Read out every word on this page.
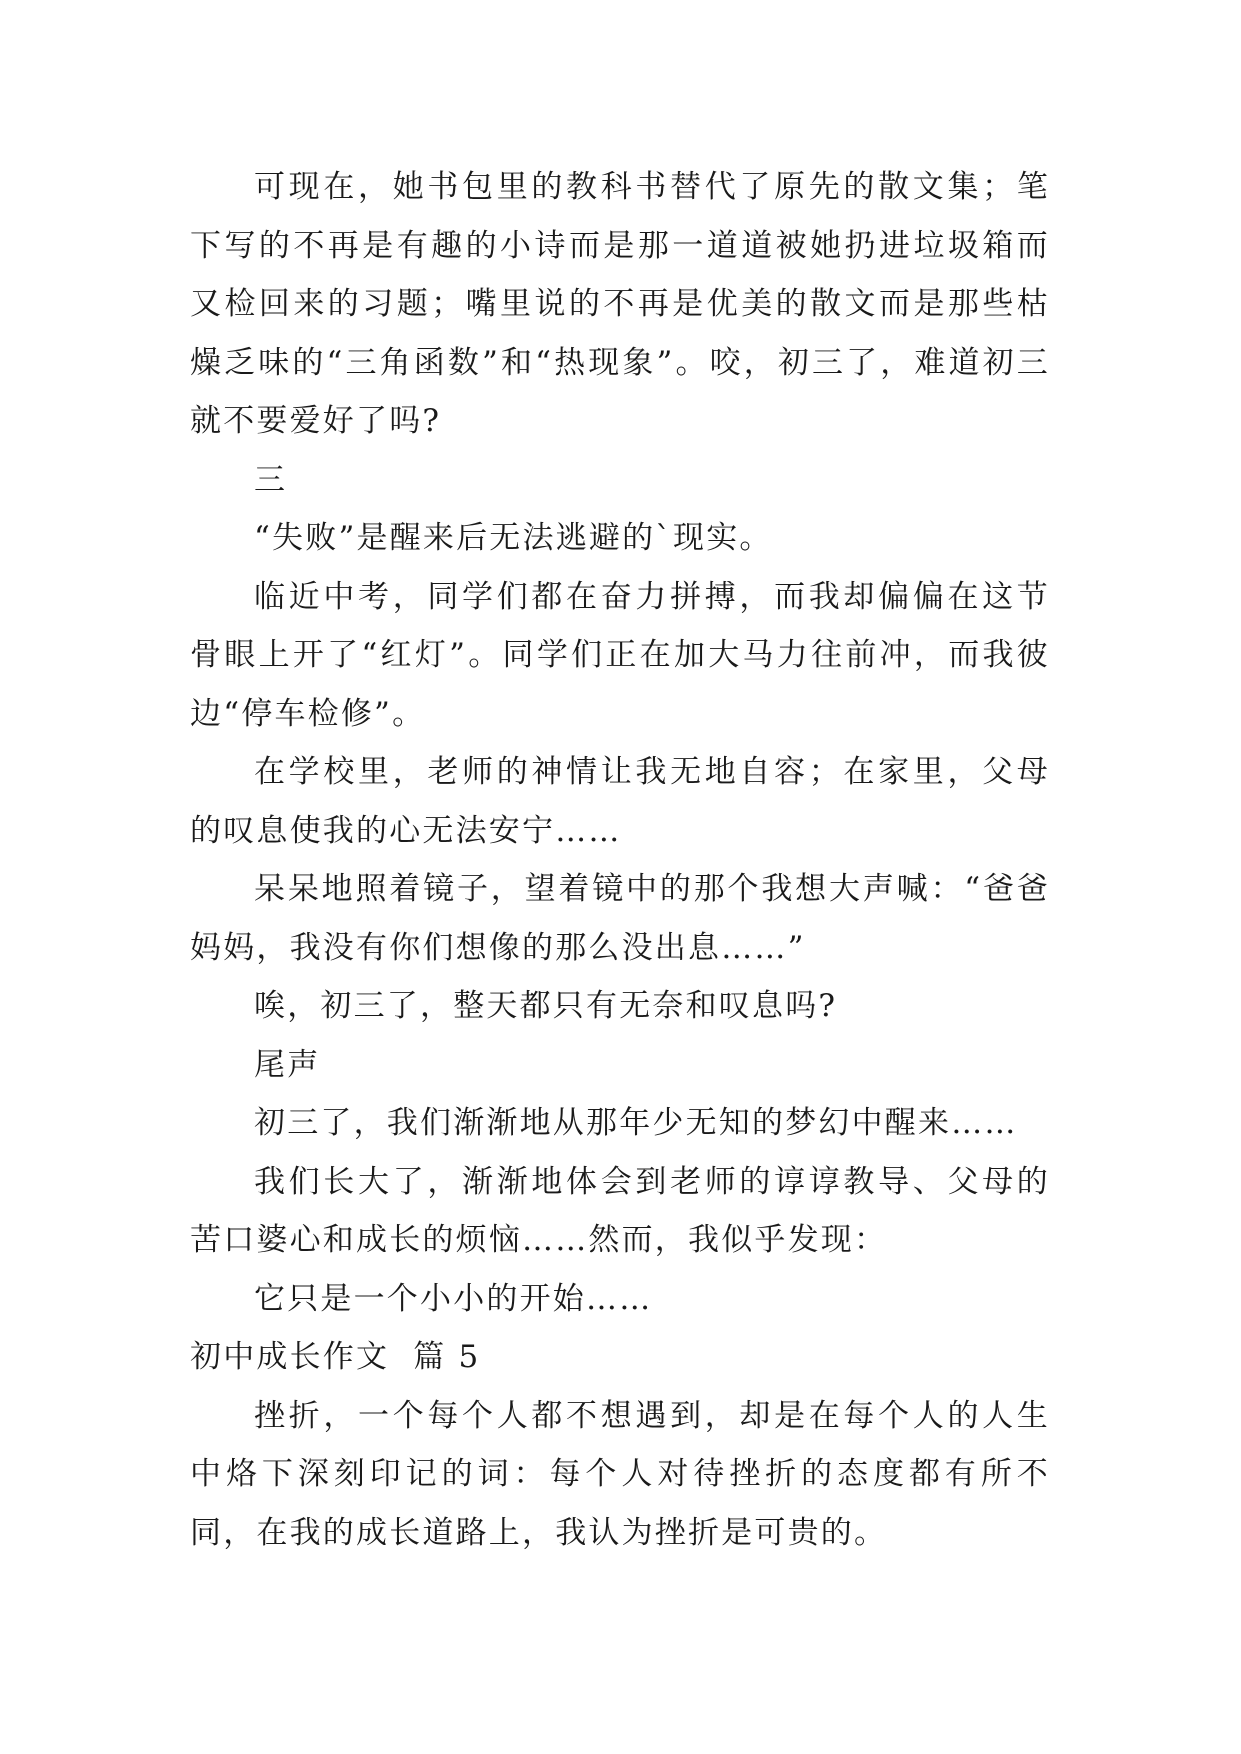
可现在，她书包里的教科书替代了原先的散文集；笔下写的不再是有趣的小诗而是那一道道被她扔进垃圾箱而又检回来的习题；嘴里说的不再是优美的散文而是那些枯燥乏味的“三角函数”和“热现象”。咬，初三了，难道初三就不要爱好了吗?

三

“失败”是醒来后无法逃避的`现实。

临近中考，同学们都在奋力拼搏，而我却偏偏在这节骨眼上开了“红灯”。同学们正在加大马力往前冲，而我彼边“停车检修”。

在学校里，老师的神情让我无地自容；在家里，父母的叹息使我的心无法安宁……

呆呆地照着镜子，望着镜中的那个我想大声喊：“爸爸妈妈，我没有你们想像的那么没出息……”

唉，初三了，整天都只有无奈和叹息吗?

尾声

初三了，我们渐渐地从那年少无知的梦幻中醒来……

我们长大了，渐渐地体会到老师的谆谆教导、父母的苦口婆心和成长的烦恼……然而，我似乎发现：

它只是一个小小的开始……

初中成长作文  篇 5

挫折，一个每个人都不想遇到，却是在每个人的人生中烙下深刻印记的词：每个人对待挫折的态度都有所不同，在我的成长道路上，我认为挫折是可贵的。
